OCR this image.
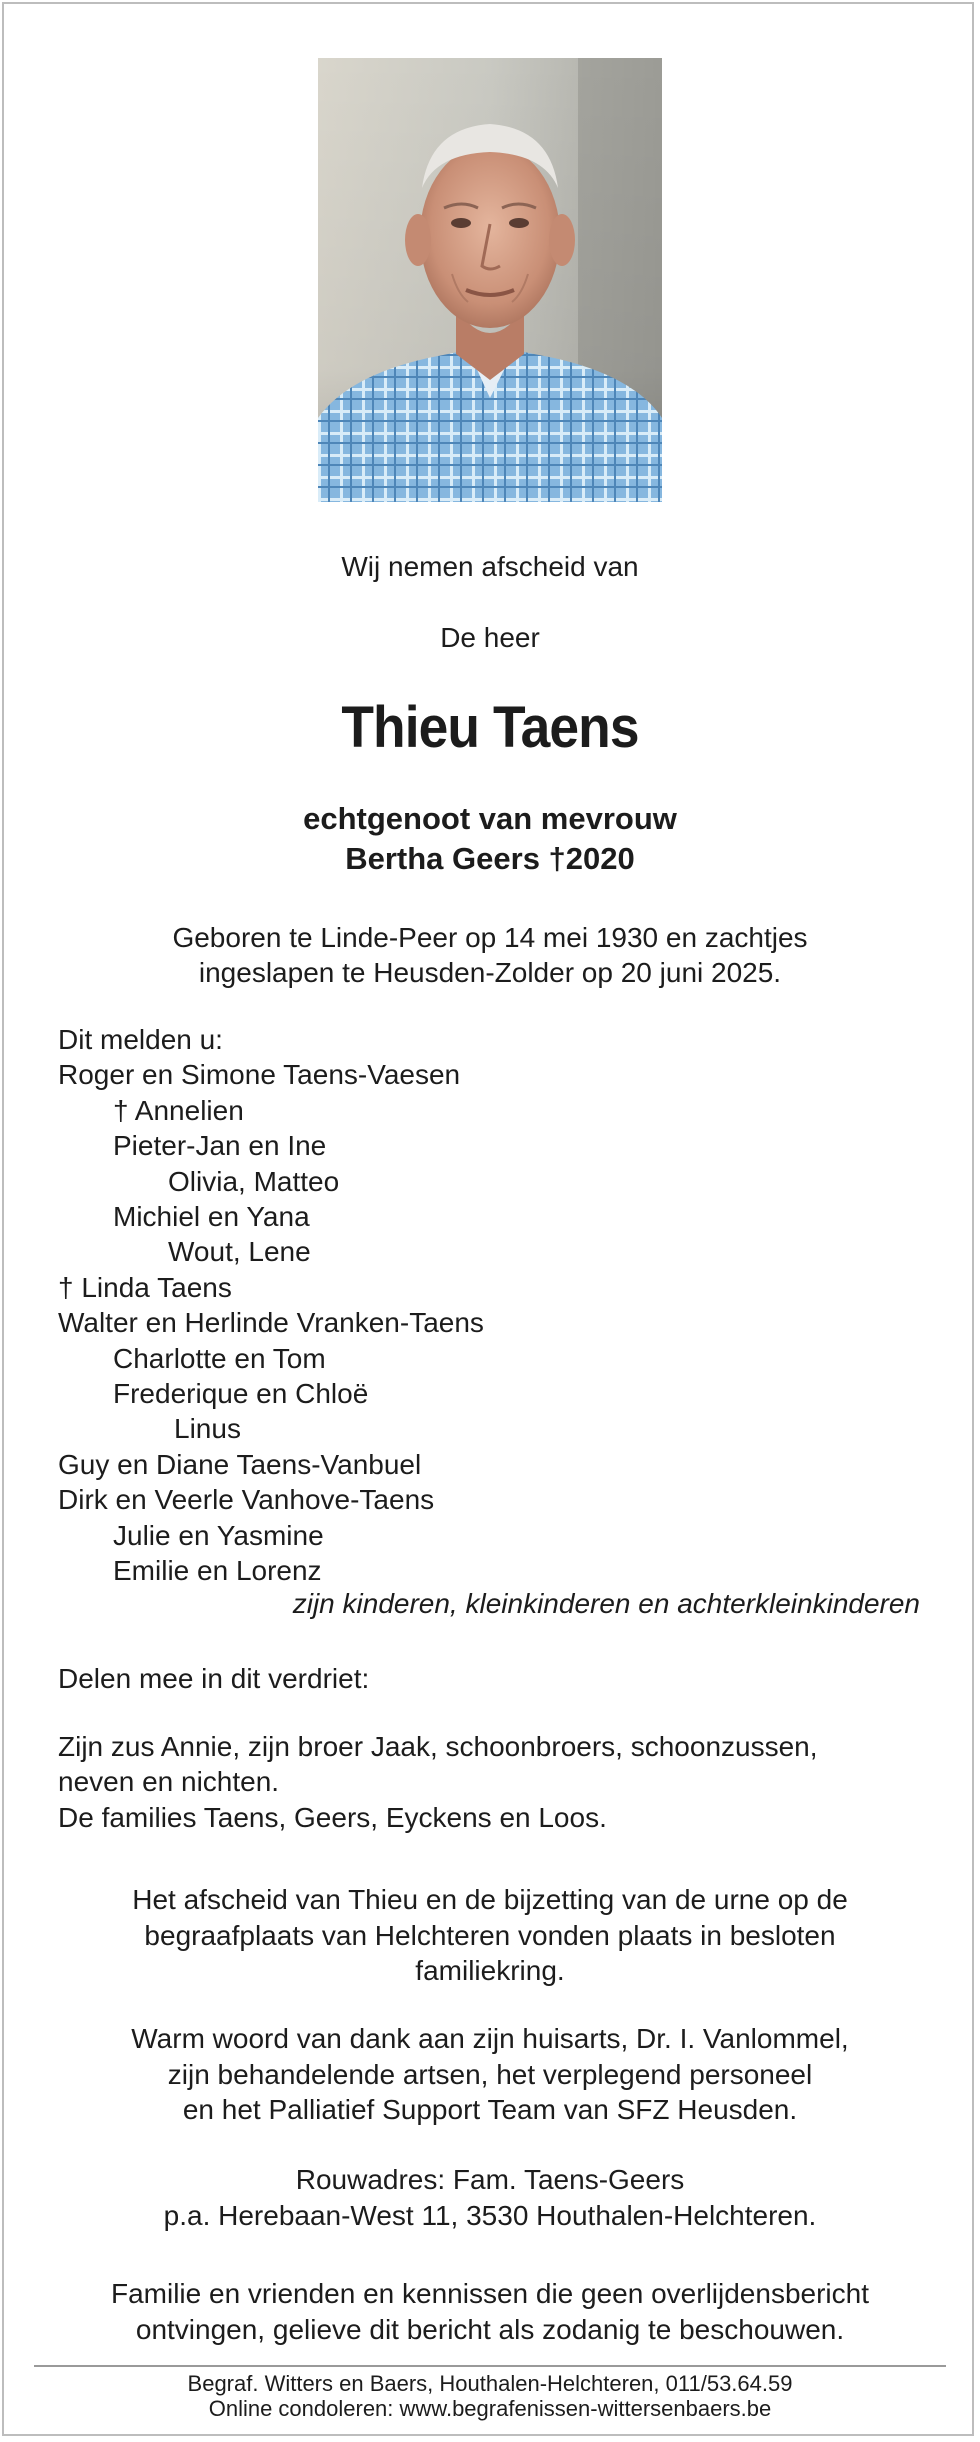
Wij nemen afscheid van
De heer
Thieu Taens
echtgenoot van mevrouw
Bertha Geers †2020
Geboren te Linde-Peer op 14 mei 1930 en zachtjes
ingeslapen te Heusden-Zolder op 20 juni 2025.
Dit melden u:
Roger en Simone Taens-Vaesen
† Annelien
Pieter-Jan en Ine
Olivia, Matteo
Michiel en Yana
Wout, Lene
† Linda Taens
Walter en Herlinde Vranken-Taens
Charlotte en Tom
Frederique en Chloë
Linus
Guy en Diane Taens-Vanbuel
Dirk en Veerle Vanhove-Taens
Julie en Yasmine
Emilie en Lorenz
zijn kinderen, kleinkinderen en achterkleinkinderen
Delen mee in dit verdriet:
Zijn zus Annie, zijn broer Jaak, schoonbroers, schoonzussen,
neven en nichten.
De families Taens, Geers, Eyckens en Loos.
Het afscheid van Thieu en de bijzetting van de urne op de
begraafplaats van Helchteren vonden plaats in besloten
familiekring.
Warm woord van dank aan zijn huisarts, Dr. I. Vanlommel,
zijn behandelende artsen, het verplegend personeel
en het Palliatief Support Team van SFZ Heusden.
Rouwadres: Fam. Taens-Geers
p.a. Herebaan-West 11, 3530 Houthalen-Helchteren.
Familie en vrienden en kennissen die geen overlijdensbericht
ontvingen, gelieve dit bericht als zodanig te beschouwen.
Begraf. Witters en Baers, Houthalen-Helchteren, 011/53.64.59
Online condoleren: www.begrafenissen-wittersenbaers.be
